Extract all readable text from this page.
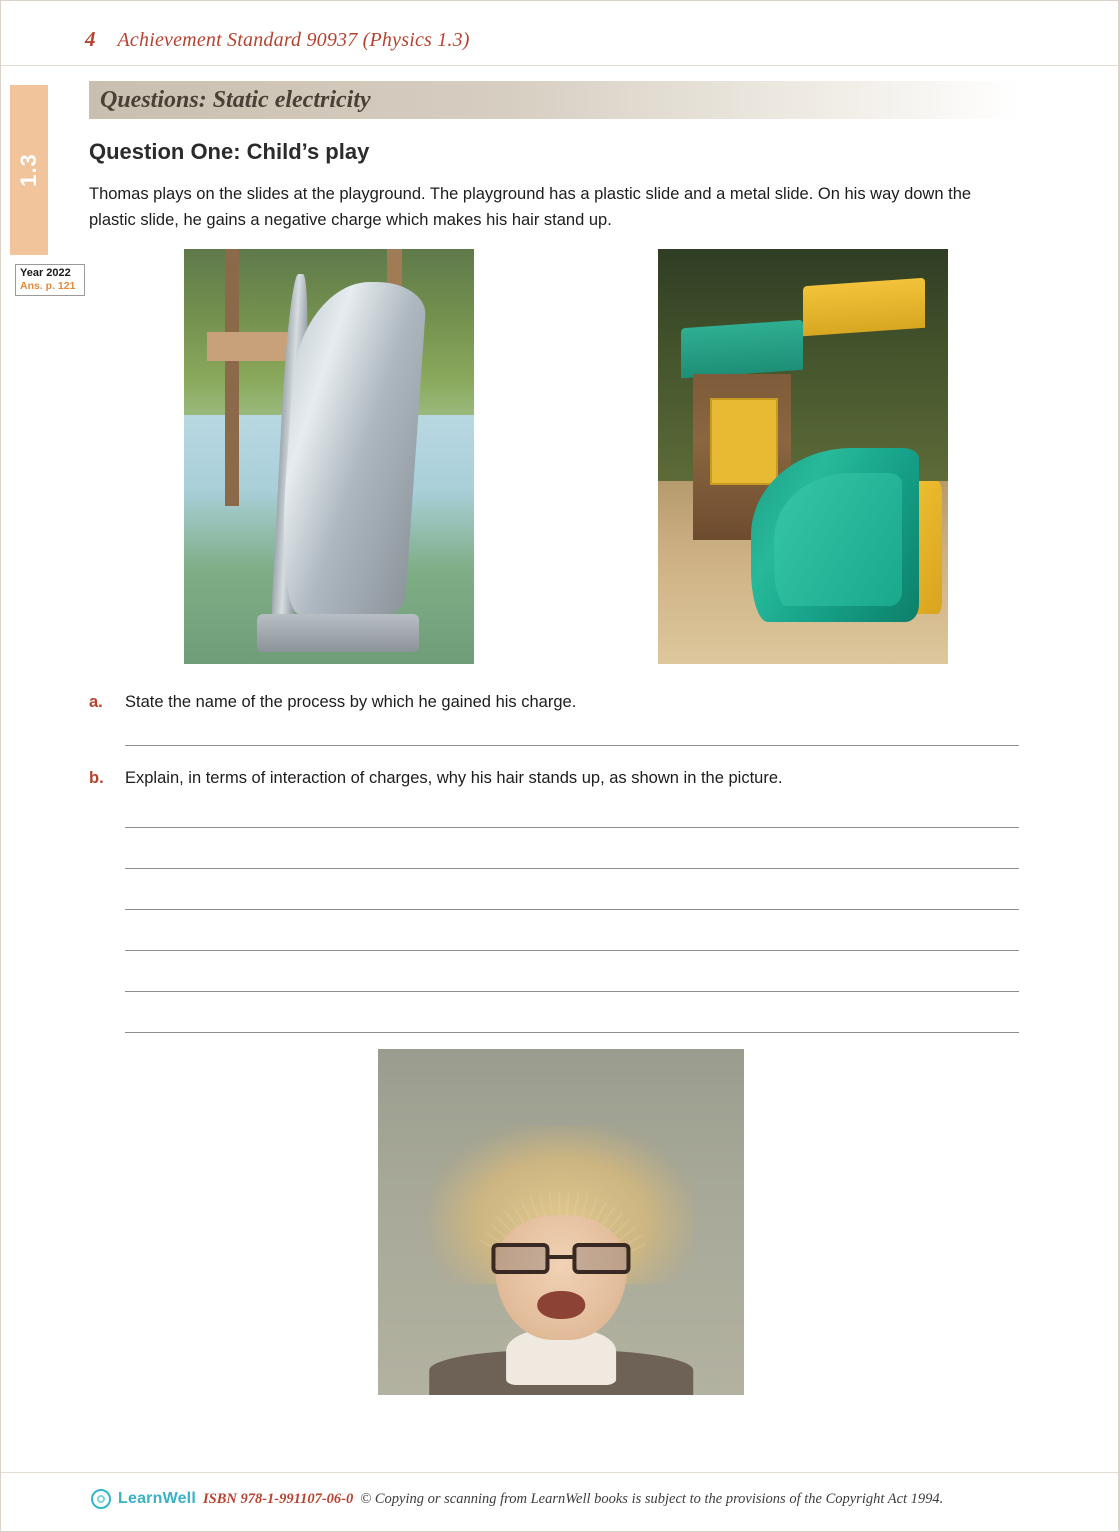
4 Achievement Standard 90937 (Physics 1.3)
1.3
Year 2022
Ans. p. 121
Questions: Static electricity
Question One: Child’s play
Thomas plays on the slides at the playground. The playground has a plastic slide and a metal slide. On his way down the plastic slide, he gains a negative charge which makes his hair stand up.
a. State the name of the process by which he gained his charge.
b. Explain, in terms of interaction of charges, why his hair stands up, as shown in the picture.
LearnWell ISBN 978-1-991107-06-0 © Copying or scanning from LearnWell books is subject to the provisions of the Copyright Act 1994.
